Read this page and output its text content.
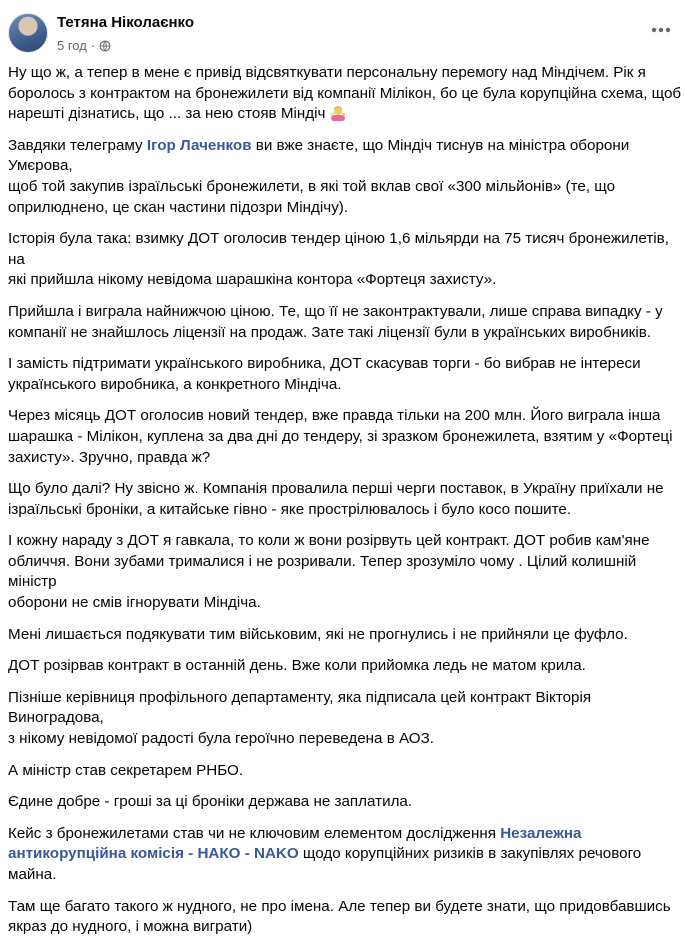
Тетяна Ніколаєнко
5 год ·

Ну що ж, а тепер в мене є привід відсвяткувати персональну перемогу над Міндічем. Рік я
боролось з контрактом на бронежилети від компанії Мілікон, бо це була корупційна схема, щоб
нарешті дізнатись, що ... за нею стояв Міндіч

Завдяки телеграму Ігор Лаченков ви вже знаєте, що Міндіч тиснув на міністра оборони Умєрова,
щоб той закупив ізраїльські бронежилети, в які той вклав свої «300 мільйонів» (те, що
оприлюднено, це скан частини підозри Міндічу).

Історія була така: взимку ДОТ оголосив тендер ціною 1,6 мільярди на 75 тисяч бронежилетів, на
які прийшла нікому невідома шарашкіна контора «Фортеця захисту».

Прийшла і виграла найнижчою ціною. Те, що її не законтрактували, лише справа випадку - у
компанії не знайшлось ліцензії на продаж. Зате такі ліцензії були в українських виробників.

І замість підтримати українського виробника, ДОТ скасував торги - бо вибрав не інтереси
українського виробника, а конкретного Міндіча.

Через місяць ДОТ оголосив новий тендер, вже правда тільки на 200 млн. Його виграла інша
шарашка - Мілікон, куплена за два дні до тендеру, зі зразком бронежилета, взятим у «Фортеці
захисту». Зручно, правда ж?

Що було далі? Ну звісно ж. Компанія провалила перші черги поставок, в Україну приїхали не
ізраїльські броніки, а китайське гівно - яке прострілювалось і було косо пошите.

І кожну нараду з ДОТ я гавкала, то коли ж вони розірвуть цей контракт. ДОТ робив кам'яне
обличчя. Вони зубами трималися і не розривали. Тепер зрозуміло чому . Цілий колишній міністр
оборони не смів ігнорувати Міндіча.

Мені лишається подякувати тим військовим, які не прогнулись і не прийняли це фуфло.

ДОТ розірвав контракт в останній день. Вже коли прийомка ледь не матом крила.

Пізніше керівниця профільного департаменту, яка підписала цей контракт Вікторія Виноградова,
з нікому невідомої радості була героїчно переведена в АОЗ.

А міністр став секретарем РНБО.

Єдине добре - гроші за ці броніки держава не заплатила.

Кейс з бронежилетами став чи не ключовим елементом дослідження Незалежна
антикорупційна комісія - НАКО - NAKO щодо корупційних ризиків в закупівлях речового майна.

Там ще багато такого ж нудного, не про імена. Але тепер ви будете знати, що придовбавшись
якраз до нудного, і можна виграти)
